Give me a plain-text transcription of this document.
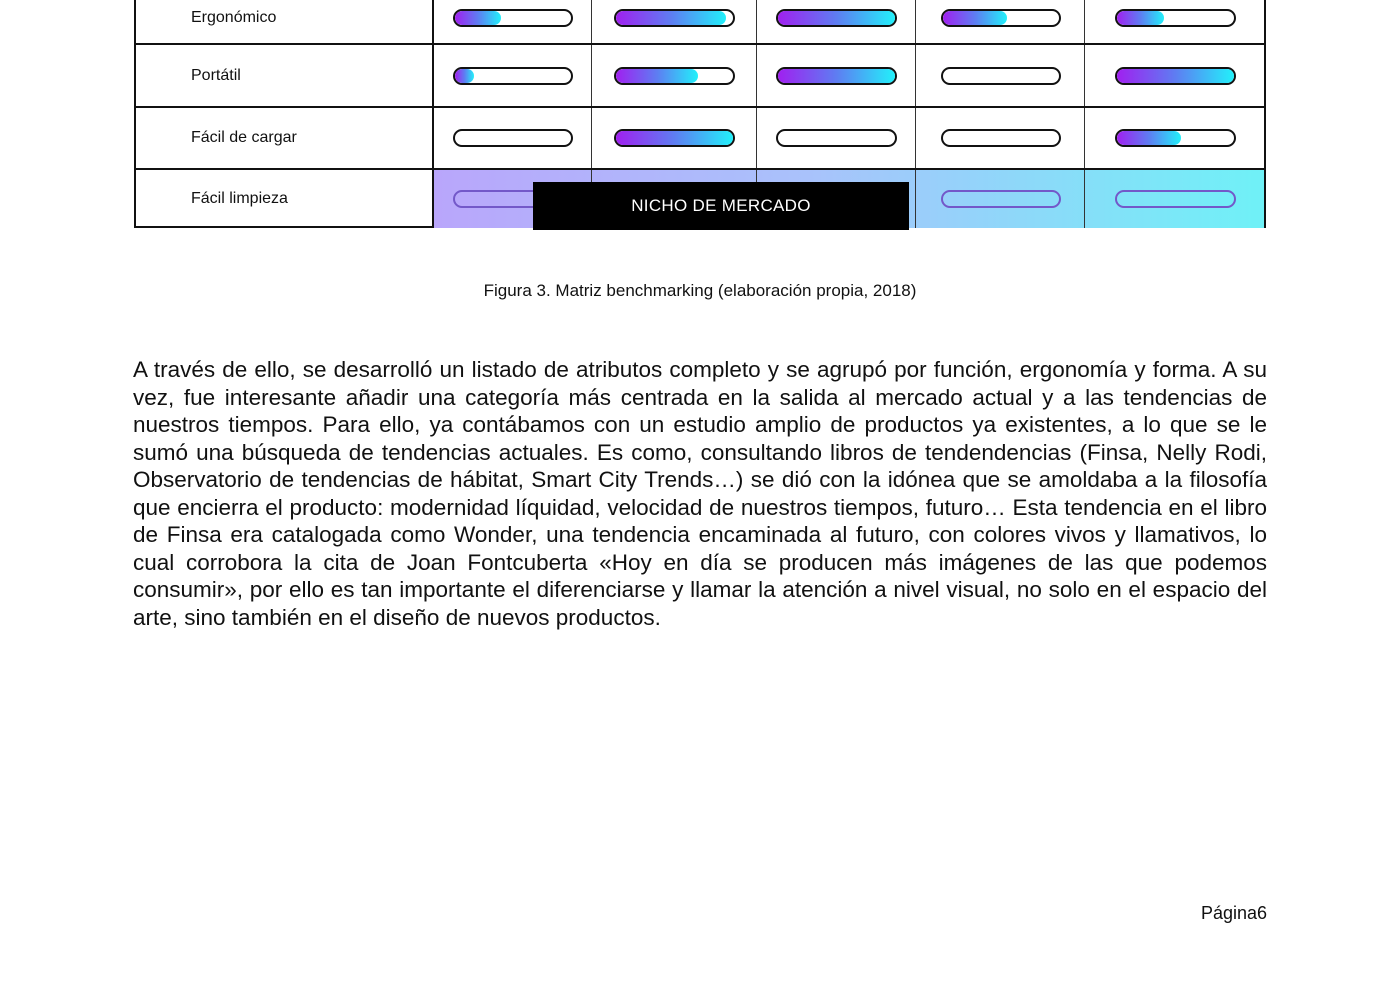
Ergonómico
Portátil
Fácil de cargar
Fácil limpieza	NICHO DE MERCADO
Figura 3. Matriz benchmarking (elaboración propia, 2018)

A través de ello, se desarrolló un listado de atributos completo y se agrupó por función, ergonomía y forma. A su vez, fue interesante añadir una categoría más centrada en la salida al mercado actual y a las tendencias de nuestros tiempos. Para ello, ya contábamos con un estudio amplio de productos ya existentes, a lo que se le sumó una búsqueda de tendencias actuales. Es como, consultando libros de tendendencias (Finsa, Nelly Rodi, Observatorio de tendencias de hábitat, Smart City Trends…) se dió con la idónea que se amoldaba a la filosofía que encierra el producto: modernidad líquidad, velocidad de nuestros tiempos, futuro… Esta tendencia en el libro de Finsa era catalogada como Wonder, una tendencia encaminada al futuro, con colores vivos y llamativos, lo cual corrobora la cita de Joan Fontcuberta «Hoy en día se producen más imágenes de las que podemos consumir», por ello es tan importante el diferenciarse y llamar la atención a nivel visual, no solo en el espacio del arte, sino también en el diseño de nuevos productos.

Página6
